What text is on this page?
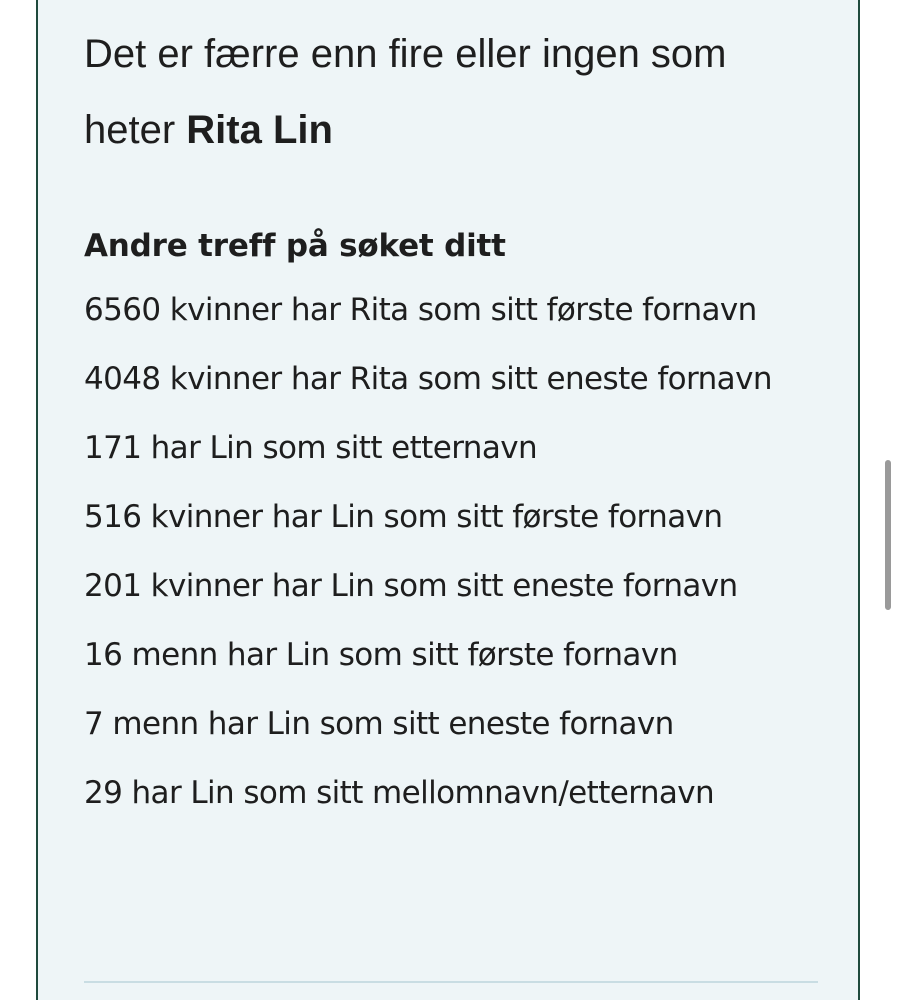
Det er færre enn fire eller ingen som heter Rita Lin
Andre treff på søket ditt
6560 kvinner har Rita som sitt første fornavn
4048 kvinner har Rita som sitt eneste fornavn
171 har Lin som sitt etternavn
516 kvinner har Lin som sitt første fornavn
201 kvinner har Lin som sitt eneste fornavn
16 menn har Lin som sitt første fornavn
7 menn har Lin som sitt eneste fornavn
29 har Lin som sitt mellomnavn/etternavn
